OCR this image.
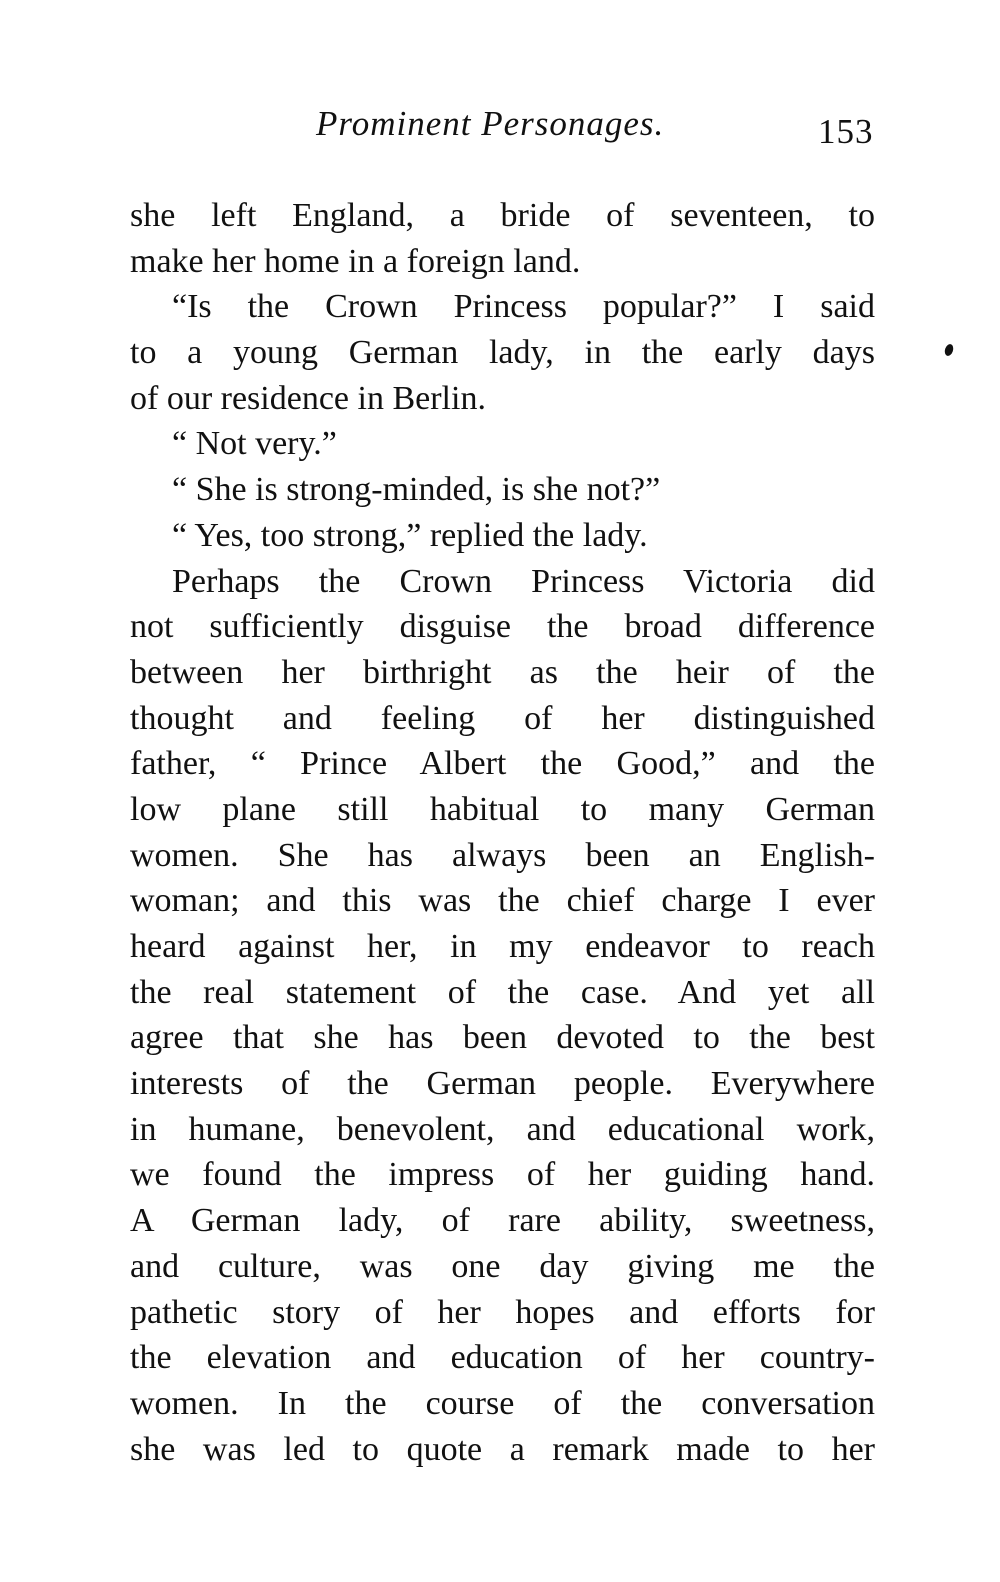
Prominent Personages.	153
she left England, a bride of seventeen, to
make her home in a foreign land.
“Is the Crown Princess popular?” I said
to a young German lady, in the early days
of our residence in Berlin.
“ Not very.”
“ She is strong-minded, is she not?”
“ Yes, too strong,” replied the lady.
Perhaps the Crown Princess Victoria did
not sufficiently disguise the broad difference
between her birthright as the heir of the
thought and feeling of her distinguished
father, “ Prince Albert the Good,” and the
low plane still habitual to many German
women. She has always been an English-
woman; and this was the chief charge I ever
heard against her, in my endeavor to reach
the real statement of the case. And yet all
agree that she has been devoted to the best
interests of the German people. Everywhere
in humane, benevolent, and educational work,
we found the impress of her guiding hand.
A German lady, of rare ability, sweetness,
and culture, was one day giving me the
pathetic story of her hopes and efforts for
the elevation and education of her country-
women. In the course of the conversation
she was led to quote a remark made to her
